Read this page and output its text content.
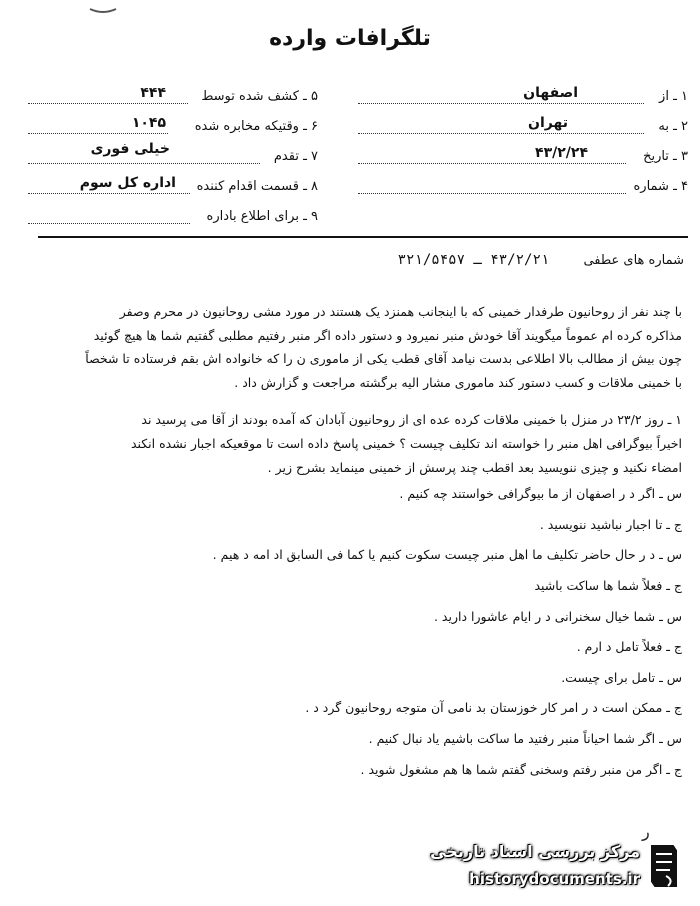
تلگرافات وارده
۱ ـ از
اصفهان
۲ ـ به
تهران
۳ ـ تاریخ
۴۳/۲/۲۴
۴ ـ شماره
۵ ـ کشف شده توسط
۴۴۴
۶ ـ وقتیکه مخابره شده
۱۰۴۵
۷ ـ تقدم
خیلی فوری
۸ ـ قسمت اقدام کننده
اداره کل سوم
۹ ـ برای اطلاع باداره
شماره های عطفی ۴۳/۲/۲۱ ـ ۳۲۱/۵۴۵۷

با چند نفر از روحانیون طرفدار خمینی که با اینجانب همنزد یک هستند در مورد مشی روحانیون در محرم وصفر

مذاکره کرده ام عموماً میگویند آقا خودش منبر نمیرود و دستور داده اگر منبر رفتیم مطلبی گفتیم شما ها هیچ گوئید

چون بیش از مطالب بالا اطلاعی بدست نیامد آقای قطب یکی از ماموری ن را که خانواده اش بقم فرستاده تا شخصاً

با خمینی ملاقات و کسب دستور کند ماموری مشار الیه برگشته مراجعت و گزارش داد .

۱ ـ روز ۲۳/۲ در منزل با خمینی ملاقات کرده عده ای از روحانیون آبادان که آمده بودند از آقا می پرسید ند

اخیراً بیوگرافی اهل منبر را خواسته اند تکلیف چیست ؟ خمینی پاسخ داده است تا موقعیکه اجبار نشده انکند

امضاء نکنید و چیزی ننویسید بعد اقطب چند پرسش از خمینی مینماید بشرح زیر .

س ـ اگر د ر اصفهان از ما بیوگرافی خواستند چه کنیم .

ج ـ تا اجبار نباشید ننویسید .

س ـ د ر حال حاضر تکلیف ما اهل منبر چیست سکوت کنیم یا کما فی السابق اد امه د هیم .

ج ـ فعلاً شما ها ساکت باشید

س ـ شما خیال سخنرانی د ر ایام عاشورا دارید .

ج ـ فعلاً تامل د ارم .

س ـ تامل برای چیست.

ج ـ ممکن است د ر امر کار خوزستان بد نامی آن متوجه روحانیون گرد د .

س ـ اگر شما احیاناً منبر رفتید ما ساکت باشیم یاد نبال کنیم .

ج ـ اگر من منبر رفتم وسخنی گفتم شما ها هم مشغول شوید .

ﺭ
مرکز بررسی اسناد تاریخی
historydocuments.ir
